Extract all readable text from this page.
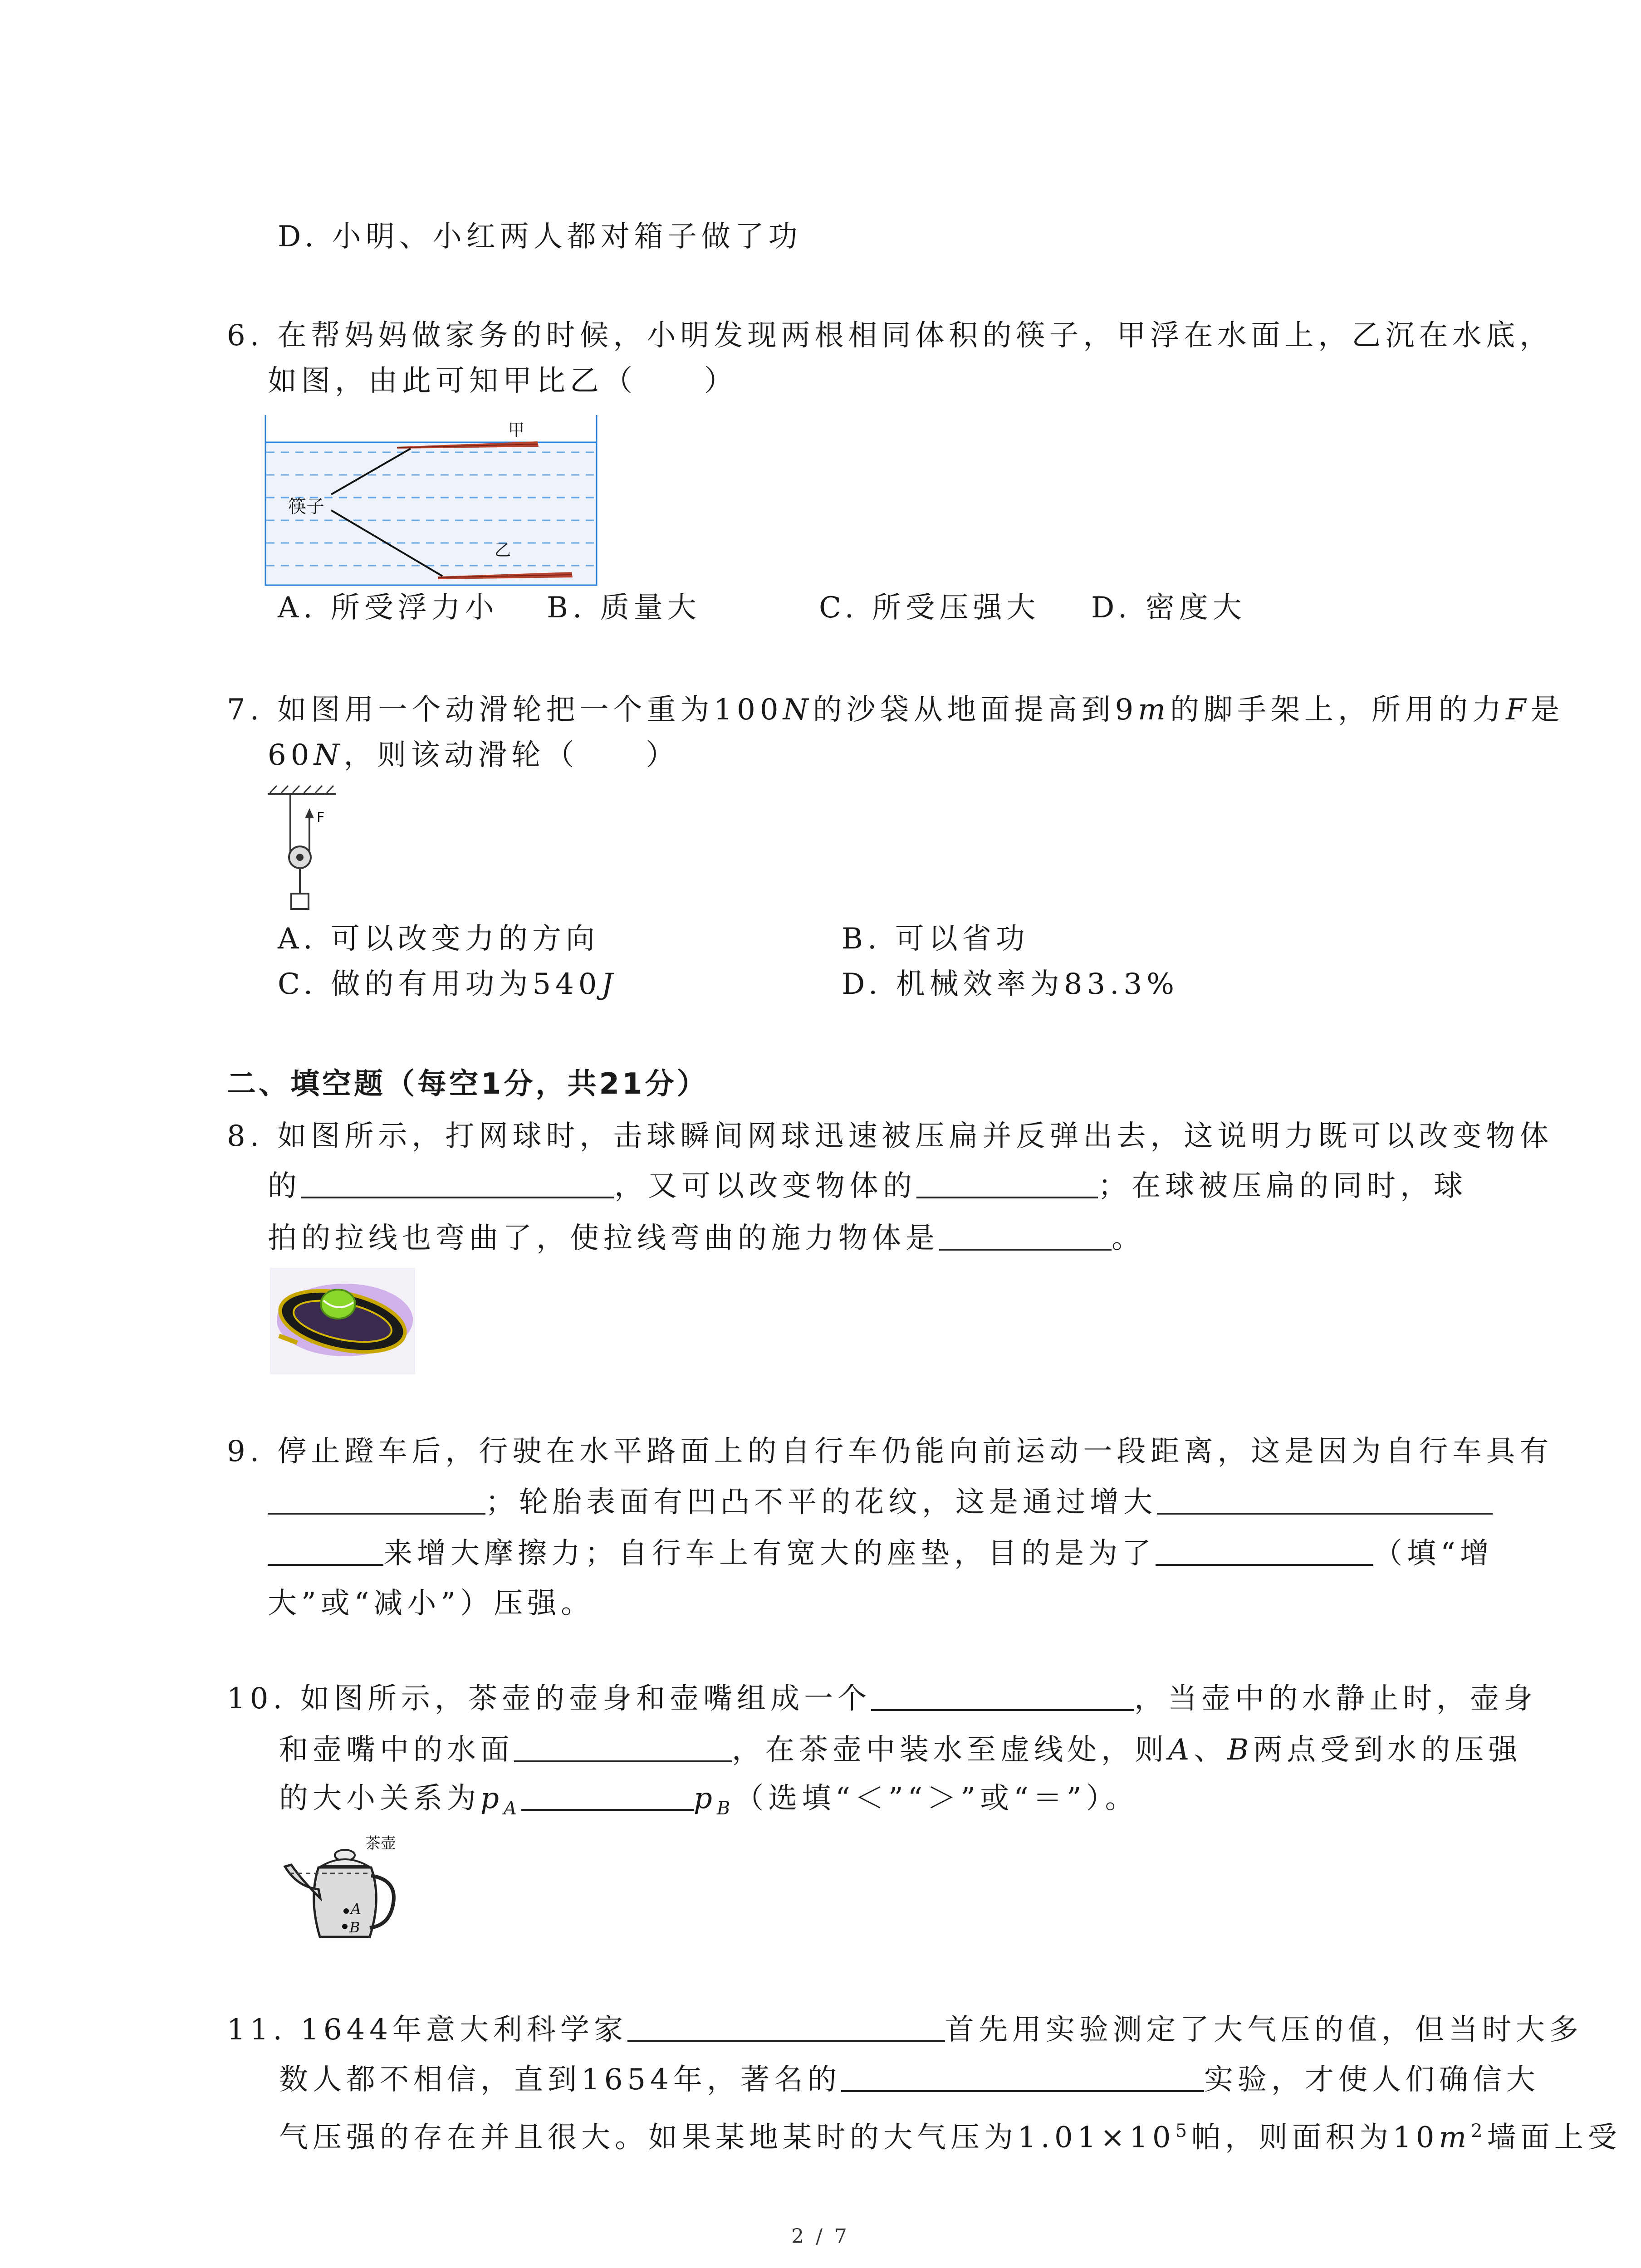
D. 小明、小红两人都对箱子做了功
6. 在帮妈妈做家务的时候，小明发现两根相同体积的筷子，甲浮在水面上，乙沉在水底，
如图，由此可知甲比乙（　　）
甲
乙
筷子
A. 所受浮力小 B. 质量大	C. 所受压强大 D. 密度大
7. 如图用一个动滑轮把一个重为100N的沙袋从地面提高到9m的脚手架上，所用的力F是
60N，则该动滑轮（　　）
F
A. 可以改变力的方向	B. 可以省功
C. 做的有用功为540J	D. 机械效率为83.3%
二、填空题（每空1分，共21分）
8. 如图所示，打网球时，击球瞬间网球迅速被压扁并反弹出去，这说明力既可以改变物体
的	，又可以改变物体的	；在球被压扁的同时，球
拍的拉线也弯曲了，使拉线弯曲的施力物体是	。
9. 停止蹬车后，行驶在水平路面上的自行车仍能向前运动一段距离，这是因为自行车具有
；轮胎表面有凹凸不平的花纹，这是通过增大
来增大摩擦力；自行车上有宽大的座垫，目的是为了	（填“增
大”或“减小”）压强。
10. 如图所示，茶壶的壶身和壶嘴组成一个	，当壶中的水静止时，壶身
和壶嘴中的水面	，在茶壶中装水至虚线处，则A、B两点受到水的压强
的大小关系为$p_A$	$p_B$（选填“＜”“＞”或“＝”）。
茶壶
A
B
11. 1644年意大利科学家	首先用实验测定了大气压的值，但当时大多
数人都不相信，直到1654年，著名的	实验，才使人们确信大
气压强的存在并且很大。如果某地某时的大气压为$1.01\times 10^5$帕，则面积为$10m^2$墙面上受
2 / 7
